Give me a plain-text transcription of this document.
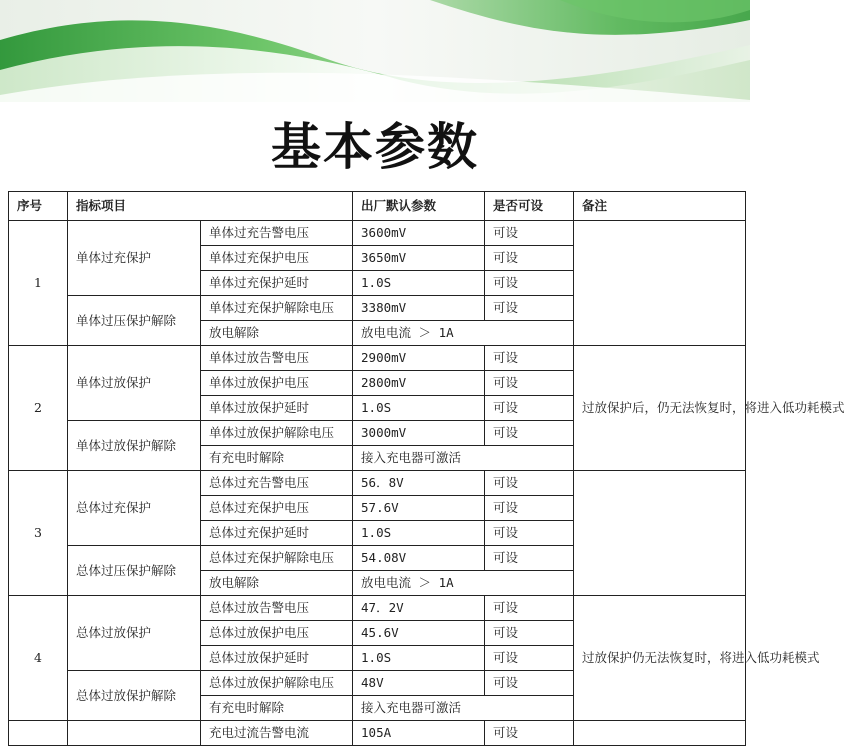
基本参数
序号	指标项目		出厂默认参数	是否可设	备注
1	单体过充保护	单体过充告警电压	3600mV	可设	
		单体过充保护电压	3650mV	可设	
		单体过充保护延时	1.0S	可设	
	单体过压保护解除	单体过充保护解除电压	3380mV	可设	
		放电解除	放电电流 ＞ 1A		
2	单体过放保护	单体过放告警电压	2900mV	可设	过放保护后，仍无法恢复时，将进入低功耗模式
		单体过放保护电压	2800mV	可设	
		单体过放保护延时	1.0S	可设	
	单体过放保护解除	单体过放保护解除电压	3000mV	可设	
		有充电时解除	接入充电器可激活		
3	总体过充保护	总体过充告警电压	56．8V	可设	
		总体过充保护电压	57.6V	可设	
		总体过充保护延时	1.0S	可设	
	总体过压保护解除	总体过充保护解除电压	54.08V	可设	
		放电解除	放电电流 ＞ 1A		
4	总体过放保护	总体过放告警电压	47．2V	可设	过放保护仍无法恢复时，将进入低功耗模式
		总体过放保护电压	45.6V	可设	
		总体过放保护延时	1.0S	可设	
	总体过放保护解除	总体过放保护解除电压	48V	可设	
		有充电时解除	接入充电器可激活		
		充电过流告警电流	105A	可设	
